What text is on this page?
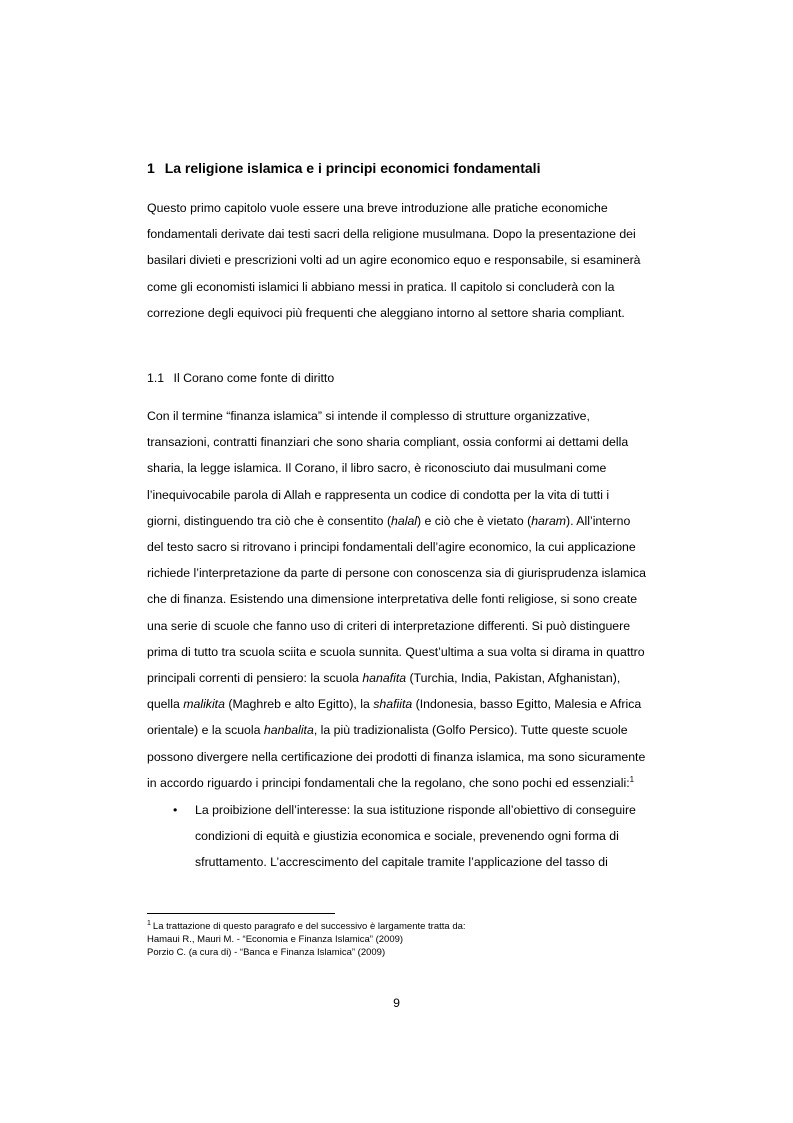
1 La religione islamica e i principi economici fondamentali
Questo primo capitolo vuole essere una breve introduzione alle pratiche economiche
fondamentali derivate dai testi sacri della religione musulmana. Dopo la presentazione dei
basilari divieti e prescrizioni volti ad un agire economico equo e responsabile, si esaminerà
come gli economisti islamici li abbiano messi in pratica. Il capitolo si concluderà con la
correzione degli equivoci più frequenti che aleggiano intorno al settore sharia compliant.
1.1 Il Corano come fonte di diritto
Con il termine “finanza islamica” si intende il complesso di strutture organizzative,
transazioni, contratti finanziari che sono sharia compliant, ossia conformi ai dettami della
sharia, la legge islamica. Il Corano, il libro sacro, è riconosciuto dai musulmani come
l’inequivocabile parola di Allah e rappresenta un codice di condotta per la vita di tutti i
giorni, distinguendo tra ciò che è consentito (halal) e ciò che è vietato (haram). All’interno
del testo sacro si ritrovano i principi fondamentali dell’agire economico, la cui applicazione
richiede l’interpretazione da parte di persone con conoscenza sia di giurisprudenza islamica
che di finanza. Esistendo una dimensione interpretativa delle fonti religiose, si sono create
una serie di scuole che fanno uso di criteri di interpretazione differenti. Si può distinguere
prima di tutto tra scuola sciita e scuola sunnita. Quest’ultima a sua volta si dirama in quattro
principali correnti di pensiero: la scuola hanafita (Turchia, India, Pakistan, Afghanistan),
quella malikita (Maghreb e alto Egitto), la shafiita (Indonesia, basso Egitto, Malesia e Africa
orientale) e la scuola hanbalita, la più tradizionalista (Golfo Persico). Tutte queste scuole
possono divergere nella certificazione dei prodotti di finanza islamica, ma sono sicuramente
in accordo riguardo i principi fondamentali che la regolano, che sono pochi ed essenziali:$^1$
•	La proibizione dell’interesse: la sua istituzione risponde all’obiettivo di conseguire
condizioni di equità e giustizia economica e sociale, prevenendo ogni forma di
sfruttamento. L’accrescimento del capitale tramite l’applicazione del tasso di
$^1$ La trattazione di questo paragrafo e del successivo è largamente tratta da:
Hamaui R., Mauri M. - “Economia e Finanza Islamica” (2009)
Porzio C. (a cura di) - “Banca e Finanza Islamica” (2009)
9
